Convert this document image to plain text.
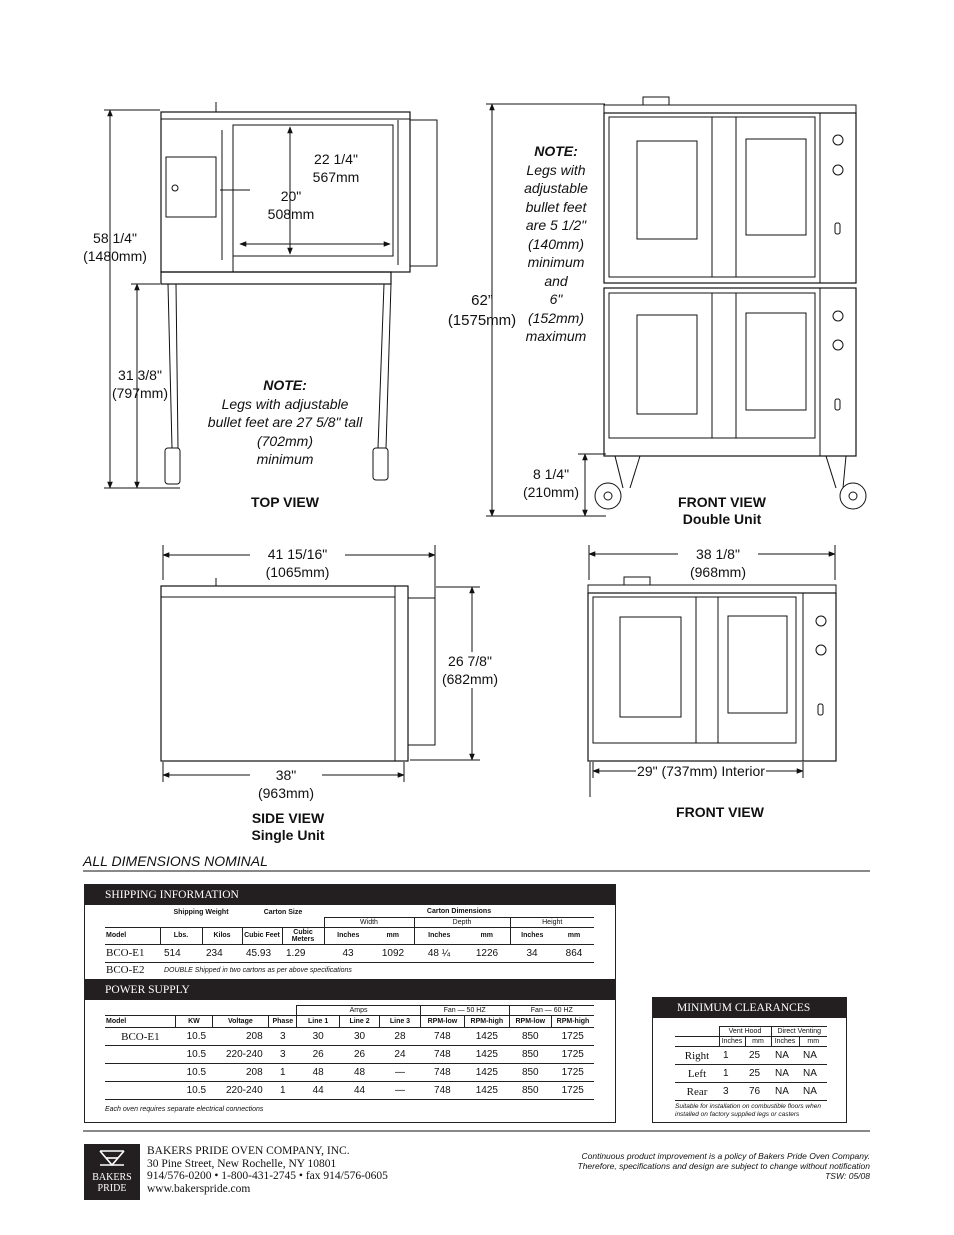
58 1/4"
(1480mm)
31 3/8"
(797mm)
22 1/4"
567mm
20"
508mm
NOTE:
Legs with adjustable
bullet feet are 27 5/8" tall
(702mm)
minimum
TOP VIEW
62”
(1575mm)
NOTE:
Legs with
adjustable
bullet feet
are 5 1/2"
(140mm)
minimum
and
6"
(152mm)
maximum
8 1/4"
(210mm)
FRONT VIEW
Double Unit
41 15/16"
(1065mm)
26 7/8"
(682mm)
38"
(963mm)
SIDE VIEW
Single Unit
38 1/8"
(968mm)
29" (737mm) Interior
FRONT VIEW
ALL DIMENSIONS NOMINAL
SHIPPING INFORMATION
	Shipping Weight		Carton Size		Carton Dimensions					
					Width		Depth		Height	
Model	Lbs.	Kilos	Cubic Feet	Cubic Meters	Inches	mm	Inches	mm	Inches	mm
BCO-E1	514	234	45.93	1.29	43	1092	48 ¼	1226	34	864
BCO-E2	DOUBLE Shipped in two cartons as per above specifications									
POWER SUPPLY
				Amps			Fan — 50 HZ		Fan — 60 HZ	
Model	KW	Voltage	Phase	Line 1	Line 2	Line 3	RPM-low	RPM-high	RPM-low	RPM-high
BCO-E1	10.5	208	3	30	30	28	748	1425	850	1725
	10.5	220-240	3	26	26	24	748	1425	850	1725
	10.5	208	1	48	48	—	748	1425	850	1725
	10.5	220-240	1	44	44	—	748	1425	850	1725
Each oven requires separate electrical connections
MINIMUM CLEARANCES
	Vent Hood		Direct Venting	
	Inches	mm	Inches	mm
Right	1	25	NA	NA
Left	1	25	NA	NA
Rear	3	76	NA	NA
Suitable for installation on combustible floors when
installed on factory supplied legs or casters
BAKERS
PRIDE
BAKERS PRIDE OVEN COMPANY, INC.
30 Pine Street, New Rochelle, NY 10801
914/576-0200 • 1-800-431-2745 • fax 914/576-0605
www.bakerspride.com
Continuous product improvement is a policy of Bakers Pride Oven Company.
Therefore, specifications and design are subject to change without notification
TSW: 05/08
